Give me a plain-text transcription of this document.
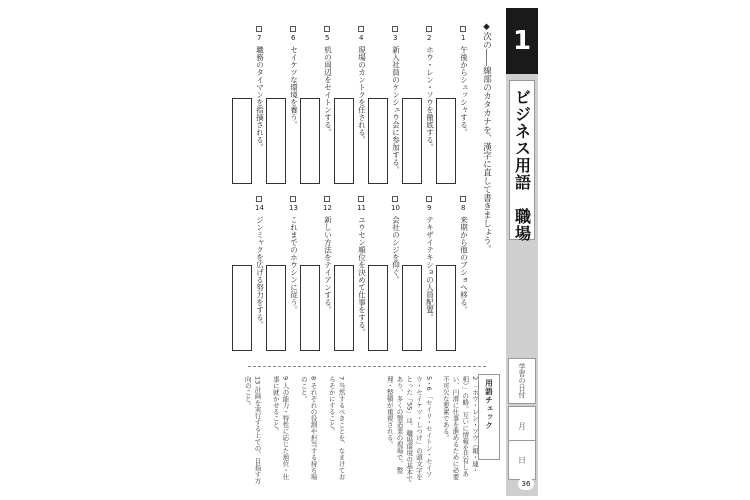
1
ビジネス用語　職場
学習の日付
月
日
36
◆次の――線部のカタカナを、漢字に直して書きましょう。
1
午後からシュッシャする。
2
ホウ・レン・ソウを徹底する。
3
新入社員のケンシュウ会に参加する。
4
現場のカントクを任される。
5
机の周辺をセイトンする。
6
セイケツな環境を養う。
7
職務のタイマンを指摘される。
8
来期から他のブショへ移る。
9
テキザイテキショの人員配置。
10
会社のシジを仰ぐ。
11
ユウセン順位を決めて仕事をする。
12
新しい方法をテイアンする。
13
これまでのホウシンに従う。
14
ジンミャクを広げる努力をする。
用語チェック
2 「ホウ・レン・ソウ（報・連・相）」の略。互いに情報を共有しあい、円滑に仕事を進めるために必要不可欠な要素である。
5・6 「セイリ・セイトン・セイソウ・セイケツ・しつけ」の頭文字をとった「5S」は、職場環境の基本であり、多くの製造業の現場で、整理・整頓が重視される。
7 当然するべきことを、なまけておろそかにすること。
8 それぞれの役割や担当する持ち場のこと。
9 人の能力・特性に応じた地位・仕事に就かせること。
13 計画を実行する上での、目指す方向のこと。
